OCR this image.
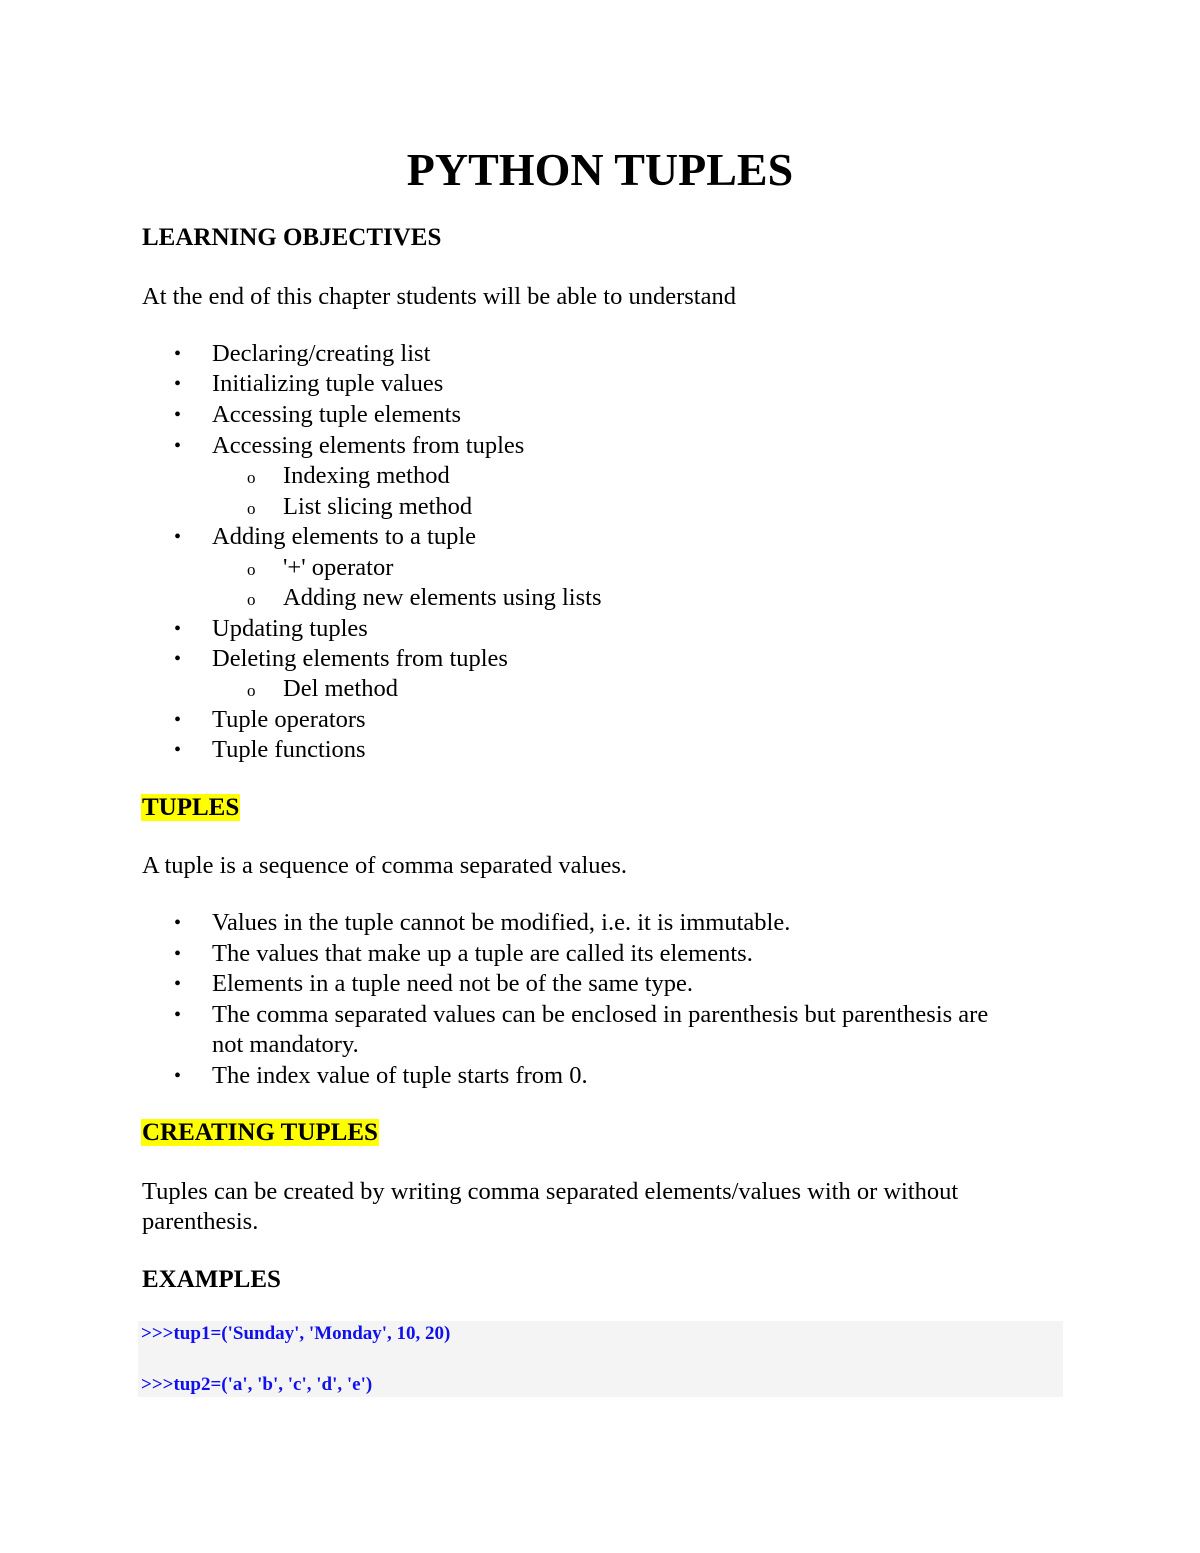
PYTHON TUPLES
LEARNING OBJECTIVES
At the end of this chapter students will be able to understand
• Declaring/creating list
• Initializing tuple values
• Accessing tuple elements
• Accessing elements from tuples
o Indexing method
o List slicing method
• Adding elements to a tuple
o '+' operator
o Adding new elements using lists
• Updating tuples
• Deleting elements from tuples
o Del method
• Tuple operators
• Tuple functions
TUPLES
A tuple is a sequence of comma separated values.
• Values in the tuple cannot be modified, i.e. it is immutable.
• The values that make up a tuple are called its elements.
• Elements in a tuple need not be of the same type.
• The comma separated values can be enclosed in parenthesis but parenthesis are
not mandatory.
• The index value of tuple starts from 0.
CREATING TUPLES
Tuples can be created by writing comma separated elements/values with or without
parenthesis.
EXAMPLES
>>>tup1=('Sunday', 'Monday', 10, 20)
>>>tup2=('a', 'b', 'c', 'd', 'e')
